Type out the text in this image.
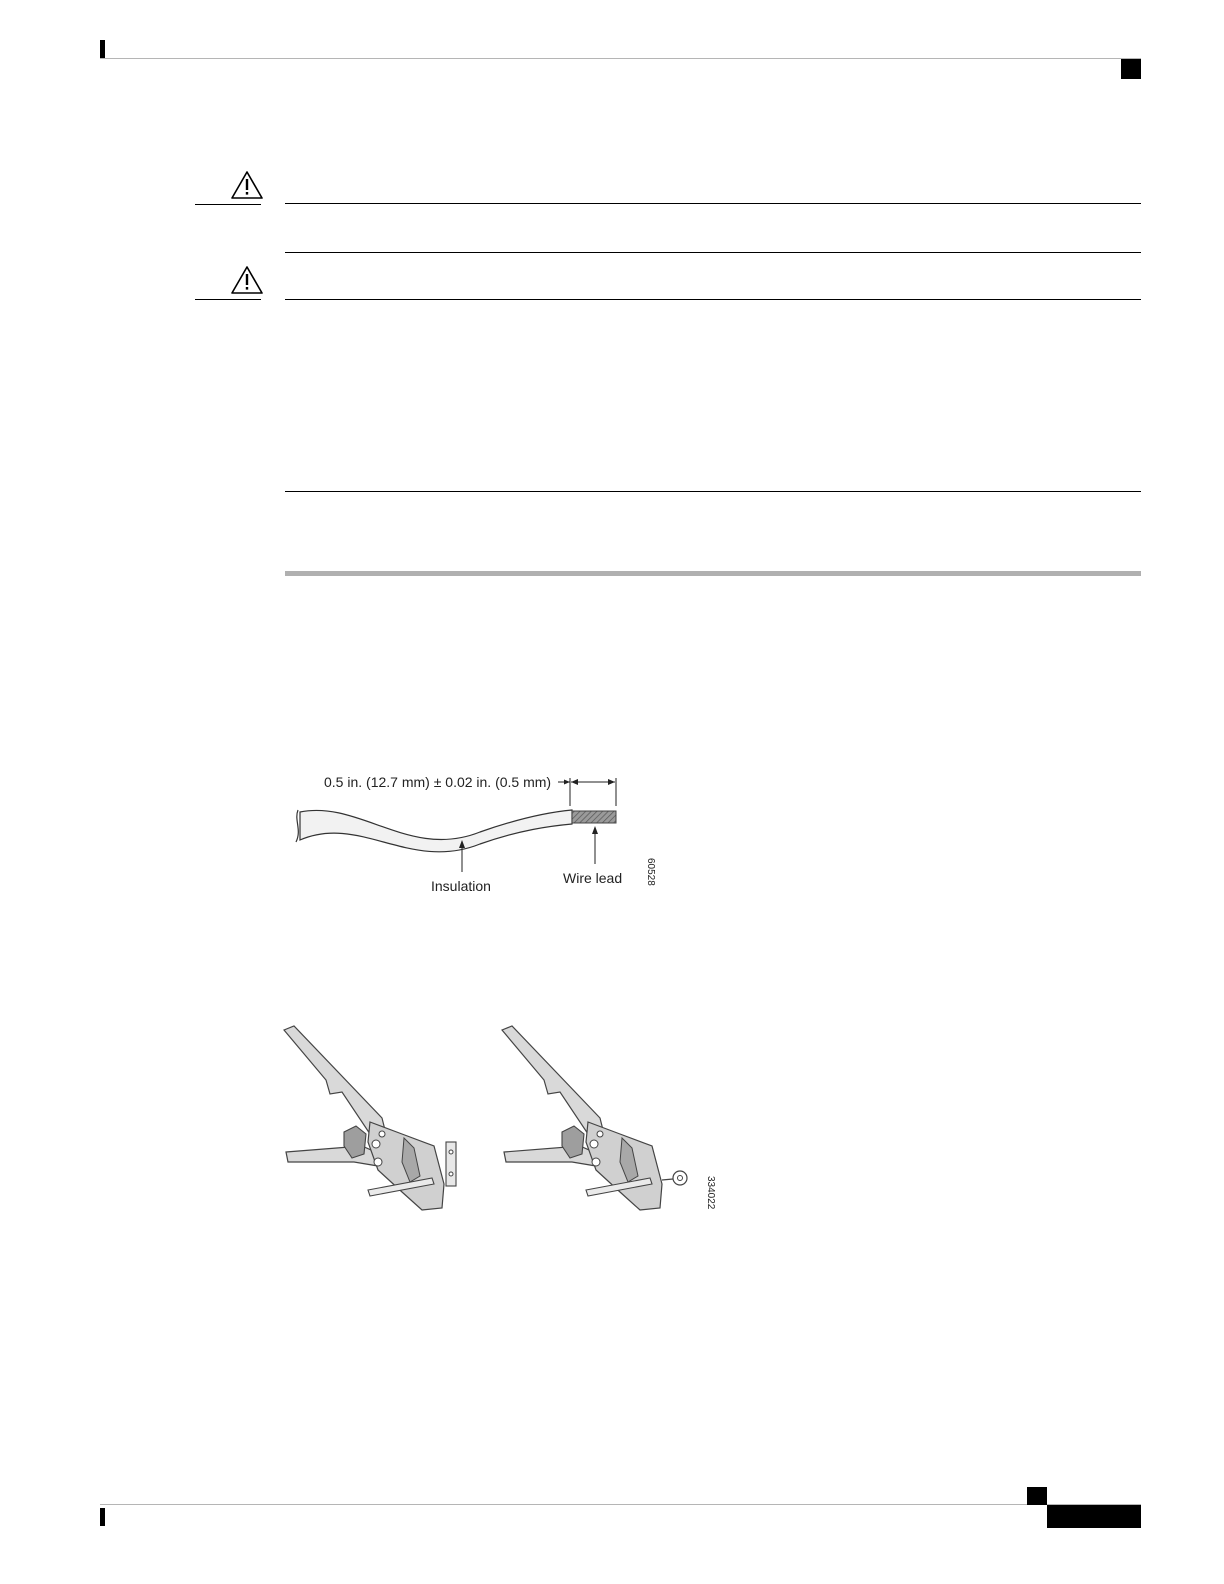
0.5 in. (12.7 mm) ± 0.02 in. (0.5 mm)
Insulation	Wire lead 60528
334022
